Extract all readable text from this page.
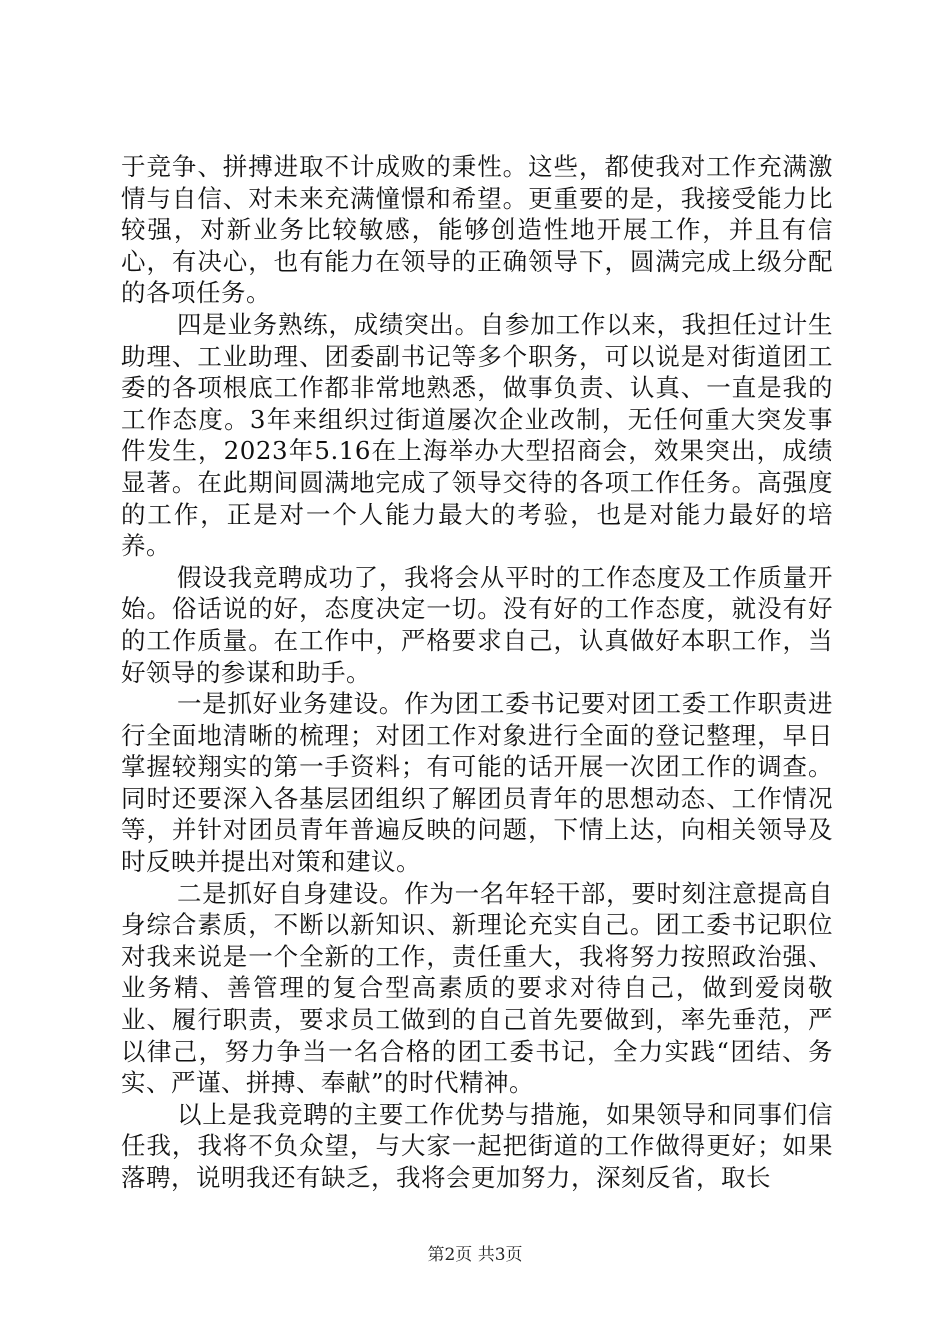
于竞争、拼搏进取不计成败的秉性。这些，都使我对工作充满激情与自信、对未来充满憧憬和希望。更重要的是，我接受能力比较强，对新业务比较敏感，能够创造性地开展工作，并且有信心，有决心，也有能力在领导的正确领导下，圆满完成上级分配的各项任务。

四是业务熟练，成绩突出。自参加工作以来，我担任过计生助理、工业助理、团委副书记等多个职务，可以说是对街道团工委的各项根底工作都非常地熟悉，做事负责、认真、一直是我的工作态度。3年来组织过街道屡次企业改制，无任何重大突发事件发生，2023年5.16在上海举办大型招商会，效果突出，成绩显著。在此期间圆满地完成了领导交待的各项工作任务。高强度的工作，正是对一个人能力最大的考验，也是对能力最好的培养。

假设我竞聘成功了，我将会从平时的工作态度及工作质量开始。俗话说的好，态度决定一切。没有好的工作态度，就没有好的工作质量。在工作中，严格要求自己，认真做好本职工作，当好领导的参谋和助手。

一是抓好业务建设。作为团工委书记要对团工委工作职责进行全面地清晰的梳理；对团工作对象进行全面的登记整理，早日掌握较翔实的第一手资料；有可能的话开展一次团工作的调查。同时还要深入各基层团组织了解团员青年的思想动态、工作情况等，并针对团员青年普遍反映的问题，下情上达，向相关领导及时反映并提出对策和建议。

二是抓好自身建设。作为一名年轻干部，要时刻注意提高自身综合素质，不断以新知识、新理论充实自己。团工委书记职位对我来说是一个全新的工作，责任重大，我将努力按照政治强、业务精、善管理的复合型高素质的要求对待自己，做到爱岗敬业、履行职责，要求员工做到的自己首先要做到，率先垂范，严以律己，努力争当一名合格的团工委书记，全力实践“团结、务实、严谨、拼搏、奉献”的时代精神。

以上是我竞聘的主要工作优势与措施，如果领导和同事们信任我，我将不负众望，与大家一起把街道的工作做得更好；如果落聘，说明我还有缺乏，我将会更加努力，深刻反省，取长

第2页 共3页
